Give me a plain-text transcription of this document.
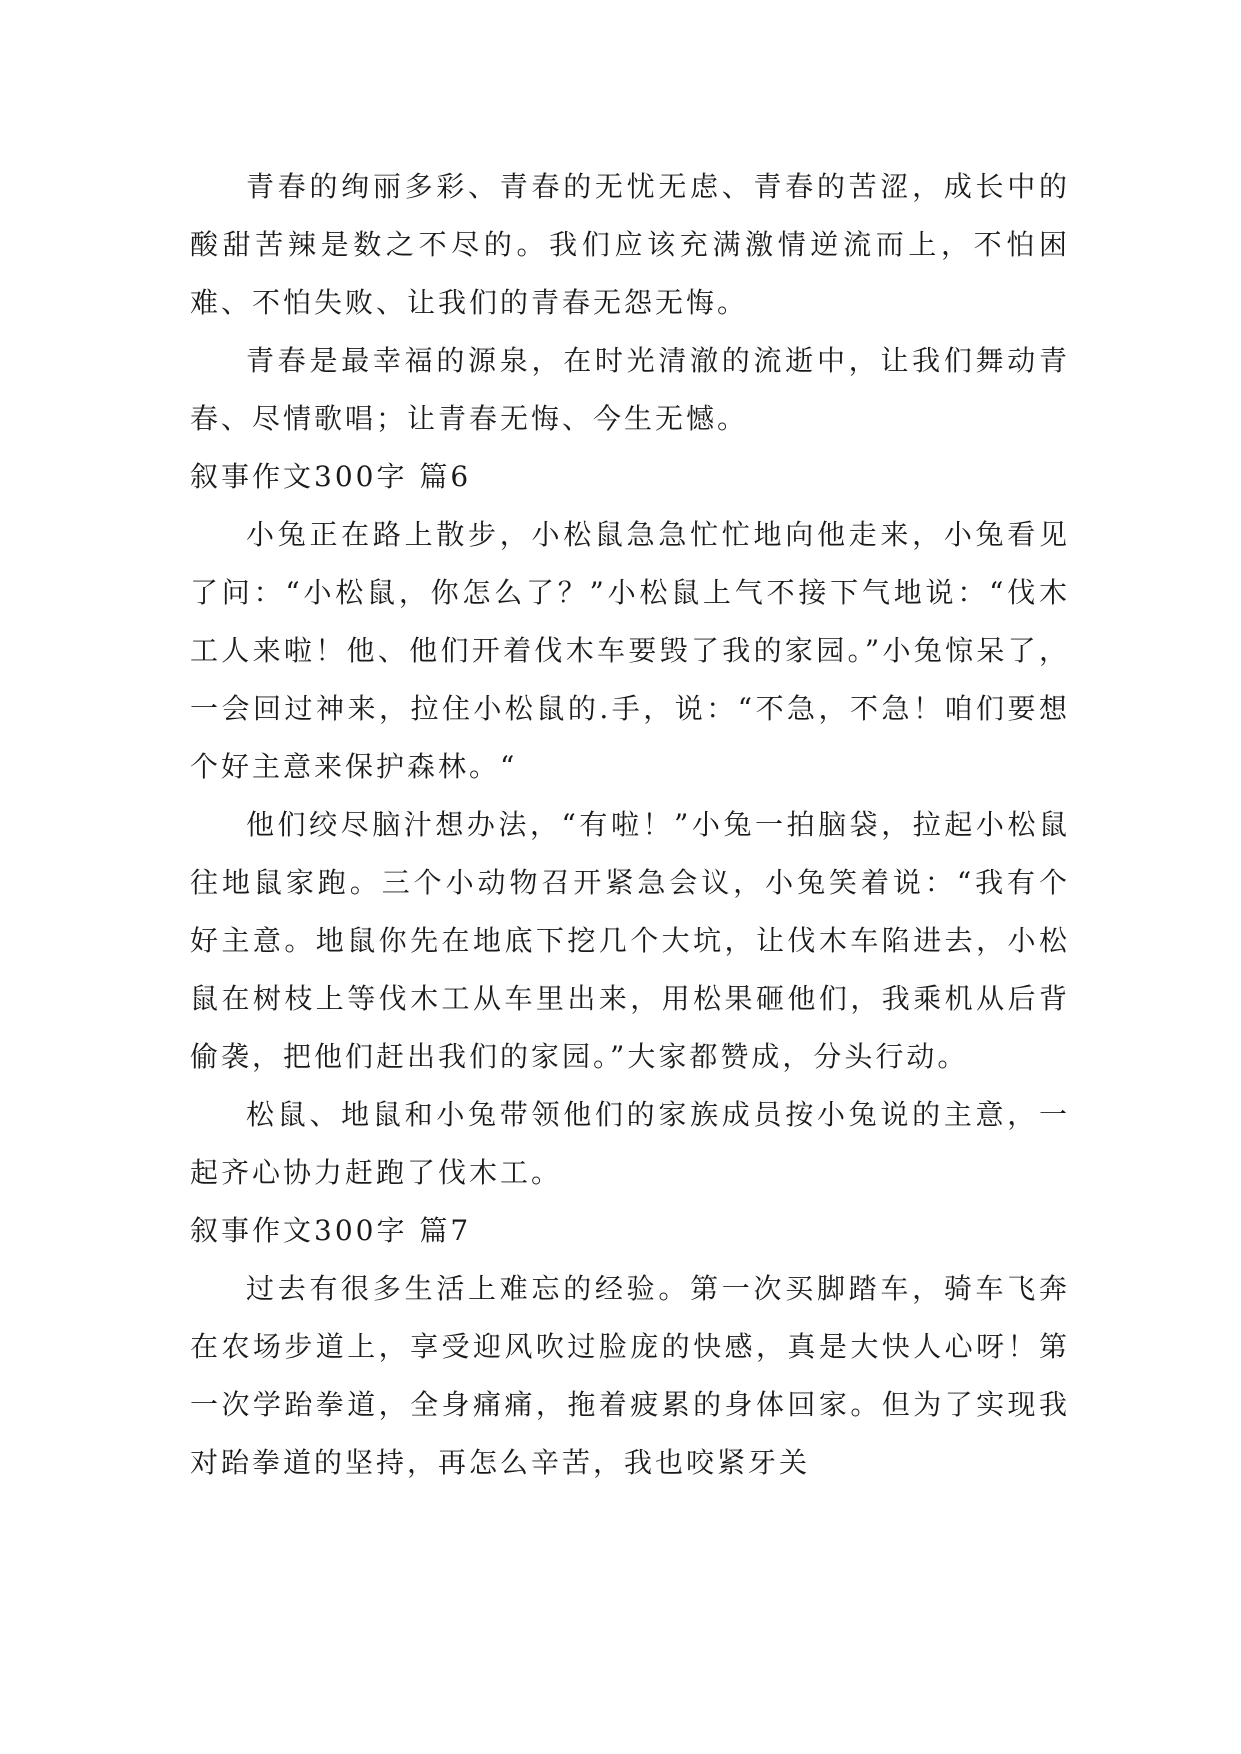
青春的绚丽多彩、青春的无忧无虑、青春的苦涩，成长中的酸甜苦辣是数之不尽的。我们应该充满激情逆流而上，不怕困难、不怕失败、让我们的青春无怨无悔。

青春是最幸福的源泉，在时光清澈的流逝中，让我们舞动青春、尽情歌唱；让青春无悔、今生无憾。

叙事作文300字 篇6

小兔正在路上散步，小松鼠急急忙忙地向他走来，小兔看见了问：“小松鼠，你怎么了？”小松鼠上气不接下气地说：“伐木工人来啦！他、他们开着伐木车要毁了我的家园。”小兔惊呆了，一会回过神来，拉住小松鼠的.手，说：“不急，不急！咱们要想个好主意来保护森林。“

他们绞尽脑汁想办法，“有啦！”小兔一拍脑袋，拉起小松鼠往地鼠家跑。三个小动物召开紧急会议，小兔笑着说：“我有个好主意。地鼠你先在地底下挖几个大坑，让伐木车陷进去，小松鼠在树枝上等伐木工从车里出来，用松果砸他们，我乘机从后背偷袭，把他们赶出我们的家园。”大家都赞成，分头行动。

松鼠、地鼠和小兔带领他们的家族成员按小兔说的主意，一起齐心协力赶跑了伐木工。

叙事作文300字 篇7

过去有很多生活上难忘的经验。第一次买脚踏车，骑车飞奔在农场步道上，享受迎风吹过脸庞的快感，真是大快人心呀！第一次学跆拳道，全身痛痛，拖着疲累的身体回家。但为了实现我对跆拳道的坚持，再怎么辛苦，我也咬紧牙关
